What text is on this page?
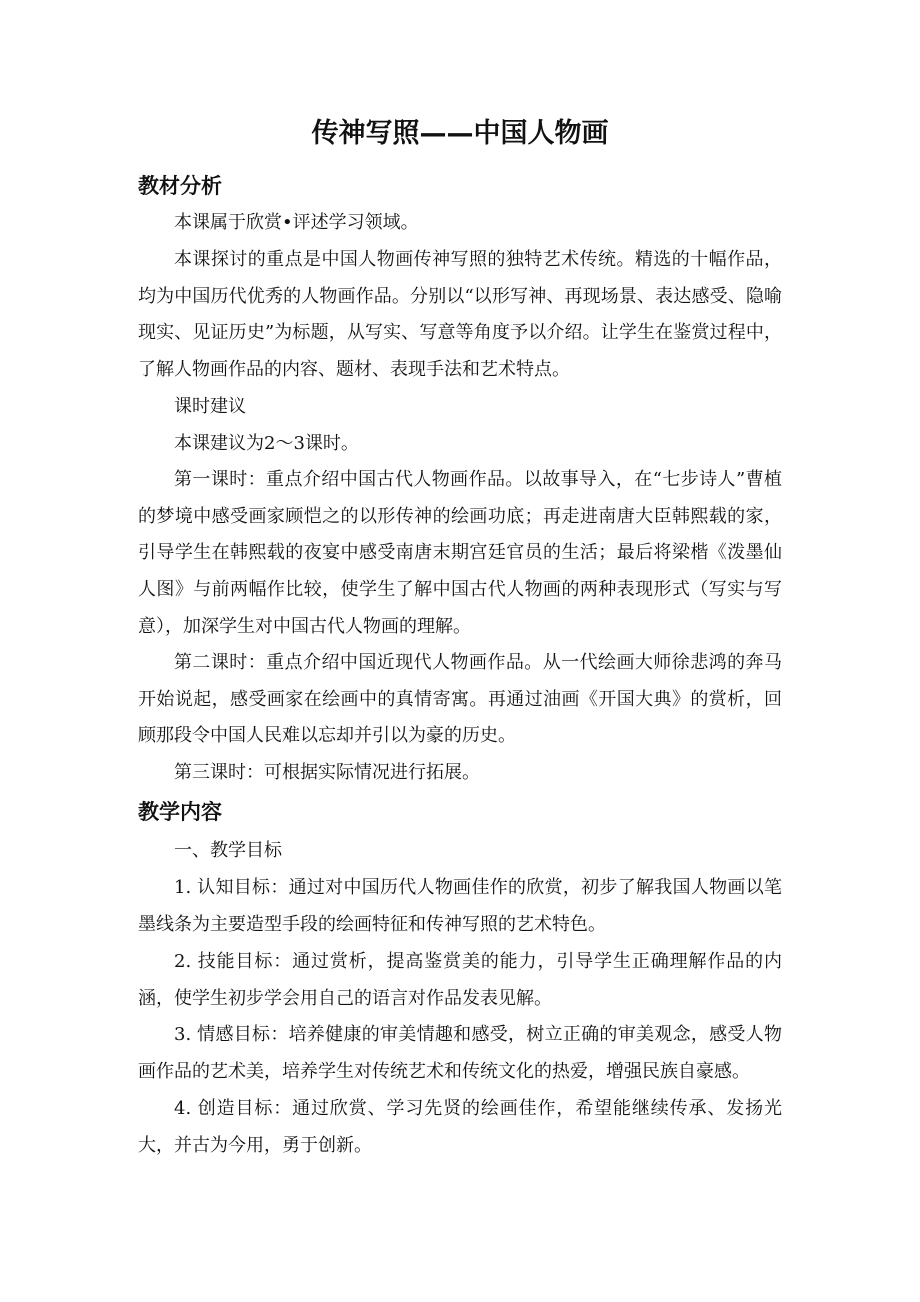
传神写照——中国人物画
教材分析

本课属于欣赏•评述学习领域。

本课探讨的重点是中国人物画传神写照的独特艺术传统。精选的十幅作品，均为中国历代优秀的人物画作品。分别以“以形写神、再现场景、表达感受、隐喻现实、见证历史”为标题，从写实、写意等角度予以介绍。让学生在鉴赏过程中，了解人物画作品的内容、题材、表现手法和艺术特点。

课时建议

本课建议为2～3课时。

第一课时：重点介绍中国古代人物画作品。以故事导入，在“七步诗人”曹植的梦境中感受画家顾恺之的以形传神的绘画功底；再走进南唐大臣韩熙载的家，引导学生在韩熙载的夜宴中感受南唐末期宫廷官员的生活；最后将梁楷《泼墨仙人图》与前两幅作比较，使学生了解中国古代人物画的两种表现形式（写实与写意），加深学生对中国古代人物画的理解。

第二课时：重点介绍中国近现代人物画作品。从一代绘画大师徐悲鸿的奔马开始说起，感受画家在绘画中的真情寄寓。再通过油画《开国大典》的赏析，回顾那段令中国人民难以忘却并引以为豪的历史。

第三课时：可根据实际情况进行拓展。

教学内容

一、教学目标

1. 认知目标：通过对中国历代人物画佳作的欣赏，初步了解我国人物画以笔墨线条为主要造型手段的绘画特征和传神写照的艺术特色。

2. 技能目标：通过赏析，提高鉴赏美的能力，引导学生正确理解作品的内涵，使学生初步学会用自己的语言对作品发表见解。

3. 情感目标：培养健康的审美情趣和感受，树立正确的审美观念，感受人物画作品的艺术美，培养学生对传统艺术和传统文化的热爱，增强民族自豪感。

4. 创造目标：通过欣赏、学习先贤的绘画佳作，希望能继续传承、发扬光大，并古为今用，勇于创新。
